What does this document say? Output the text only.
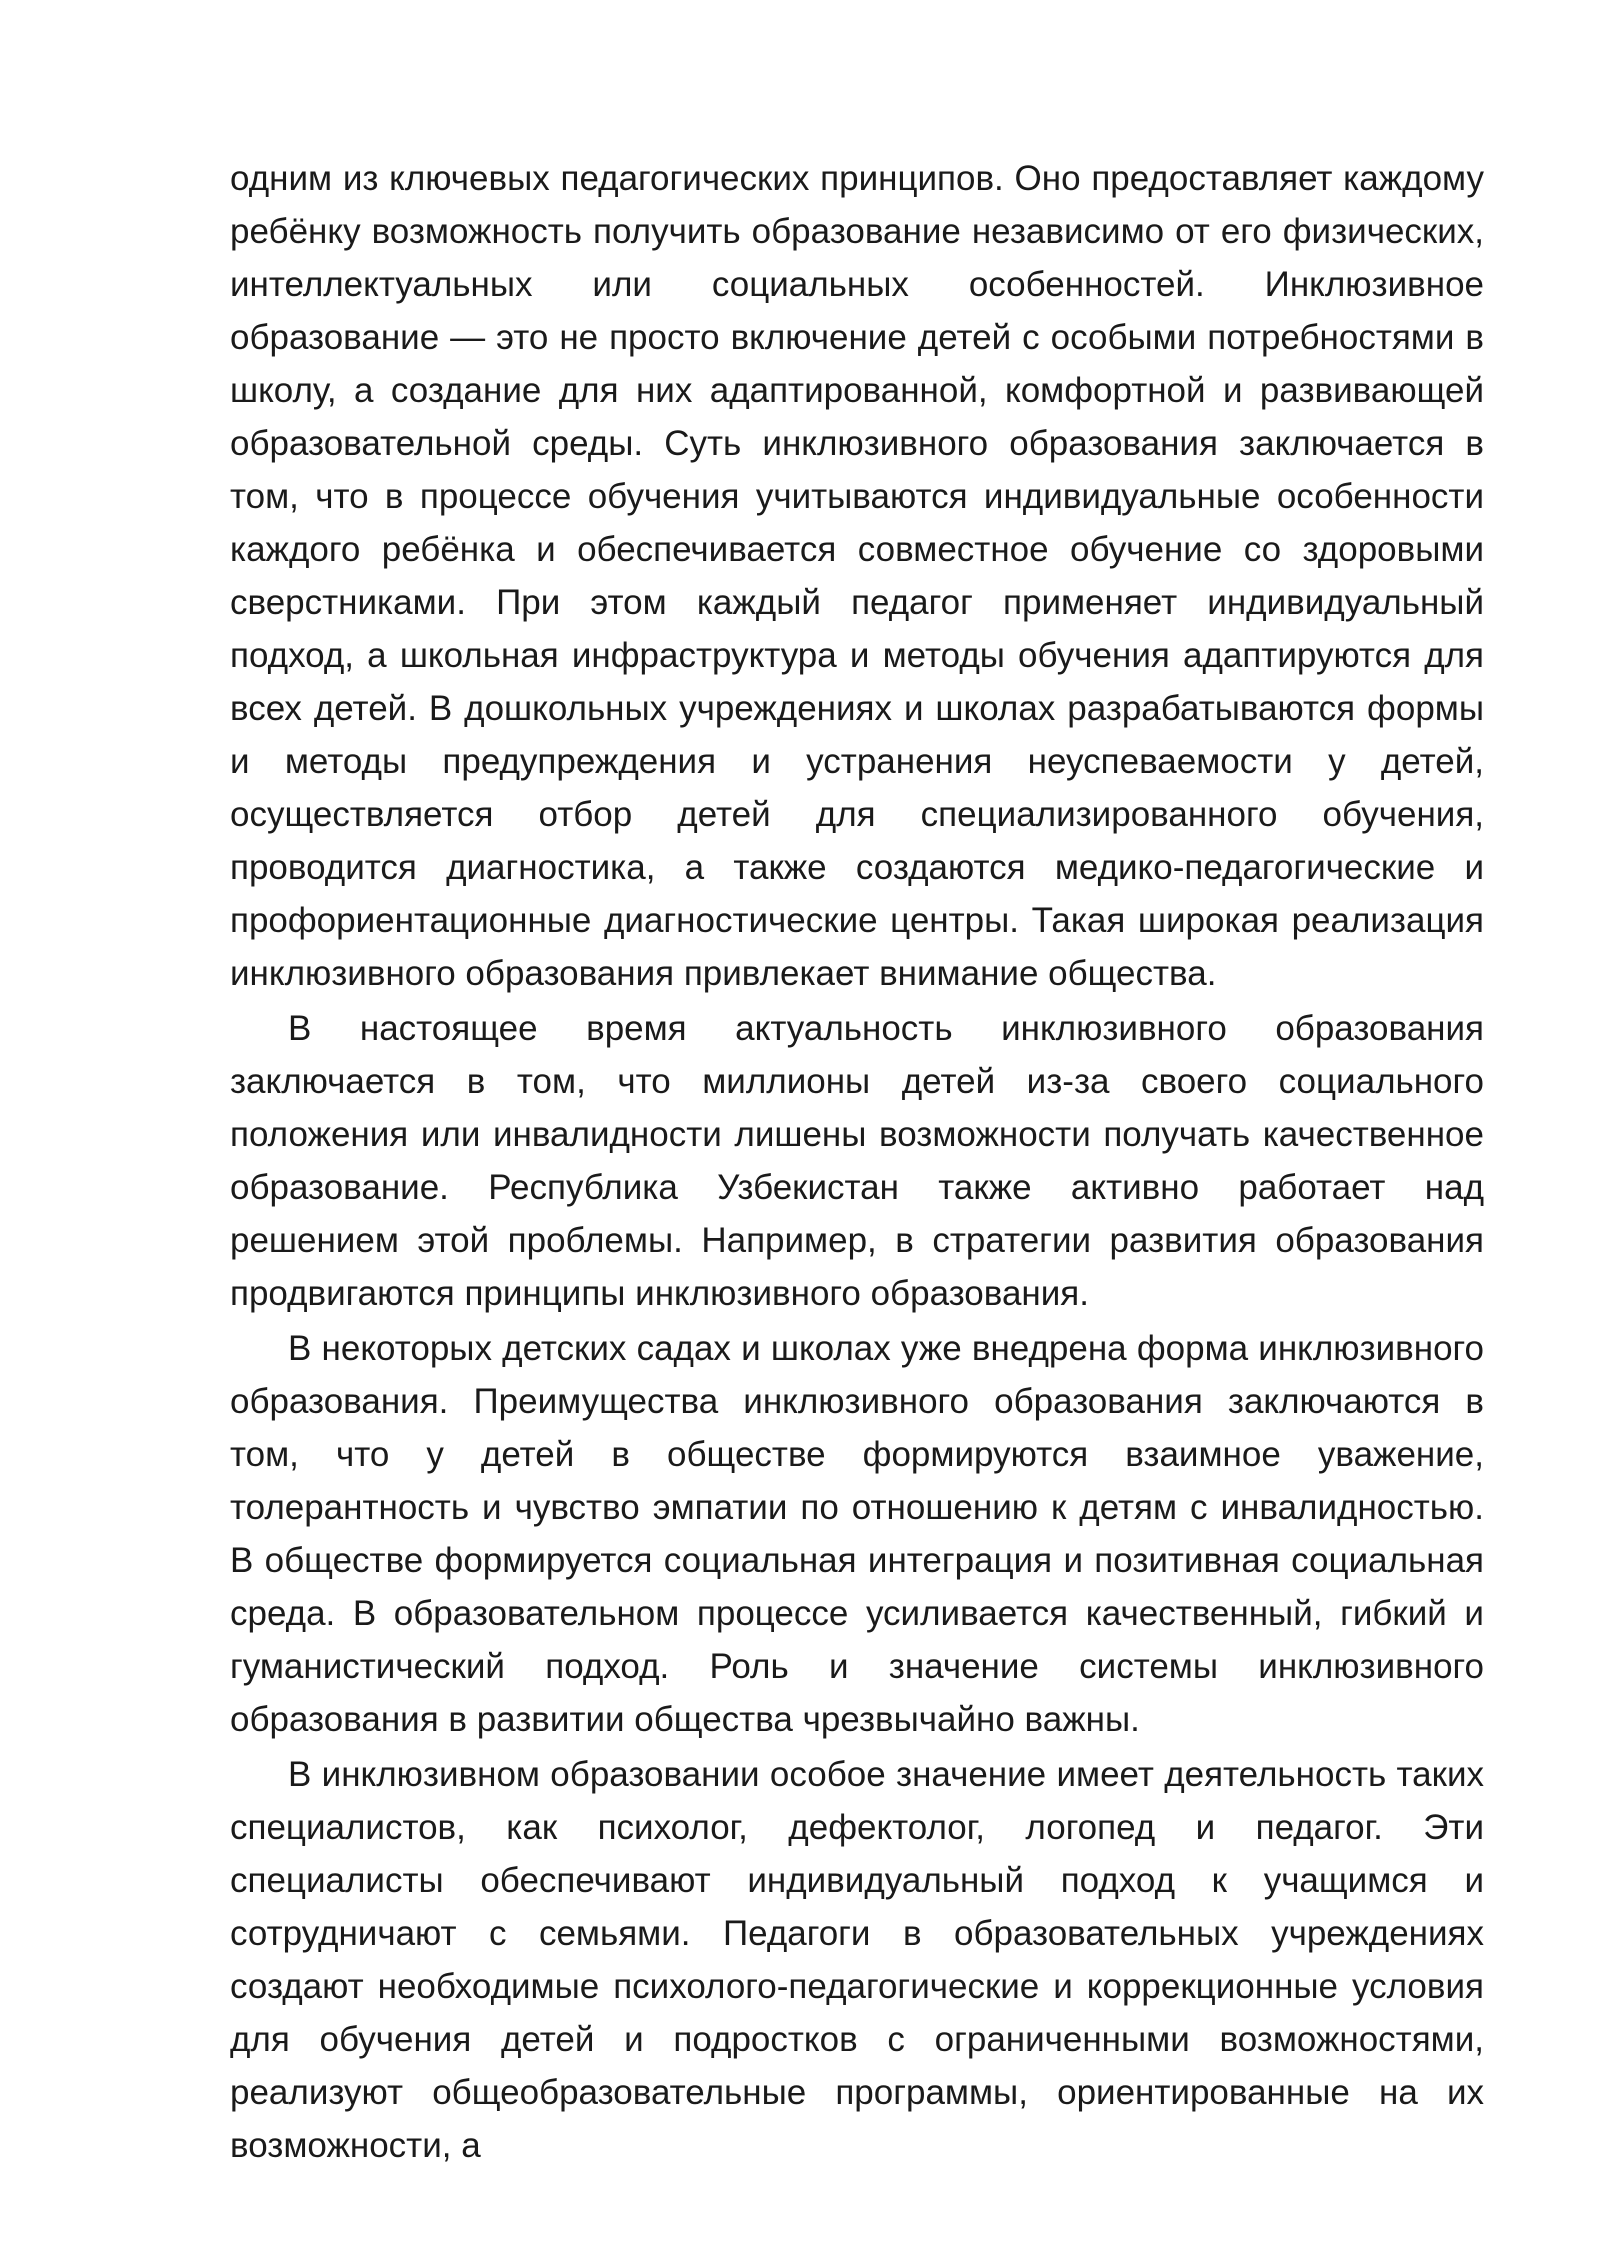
одним из ключевых педагогических принципов. Оно предоставляет каждому ребёнку возможность получить образование независимо от его физических, интеллектуальных или социальных особенностей. Инклюзивное образование — это не просто включение детей с особыми потребностями в школу, а создание для них адаптированной, комфортной и развивающей образовательной среды. Суть инклюзивного образования заключается в том, что в процессе обучения учитываются индивидуальные особенности каждого ребёнка и обеспечивается совместное обучение со здоровыми сверстниками. При этом каждый педагог применяет индивидуальный подход, а школьная инфраструктура и методы обучения адаптируются для всех детей. В дошкольных учреждениях и школах разрабатываются формы и методы предупреждения и устранения неуспеваемости у детей, осуществляется отбор детей для специализированного обучения, проводится диагностика, а также создаются медико-педагогические и профориентационные диагностические центры. Такая широкая реализация инклюзивного образования привлекает внимание общества.

В настоящее время актуальность инклюзивного образования заключается в том, что миллионы детей из-за своего социального положения или инвалидности лишены возможности получать качественное образование. Республика Узбекистан также активно работает над решением этой проблемы. Например, в стратегии развития образования продвигаются принципы инклюзивного образования.

В некоторых детских садах и школах уже внедрена форма инклюзивного образования. Преимущества инклюзивного образования заключаются в том, что у детей в обществе формируются взаимное уважение, толерантность и чувство эмпатии по отношению к детям с инвалидностью. В обществе формируется социальная интеграция и позитивная социальная среда. В образовательном процессе усиливается качественный, гибкий и гуманистический подход. Роль и значение системы инклюзивного образования в развитии общества чрезвычайно важны.

В инклюзивном образовании особое значение имеет деятельность таких специалистов, как психолог, дефектолог, логопед и педагог. Эти специалисты обеспечивают индивидуальный подход к учащимся и сотрудничают с семьями. Педагоги в образовательных учреждениях создают необходимые психолого-педагогические и коррекционные условия для обучения детей и подростков с ограниченными возможностями, реализуют общеобразовательные программы, ориентированные на их возможности, а
